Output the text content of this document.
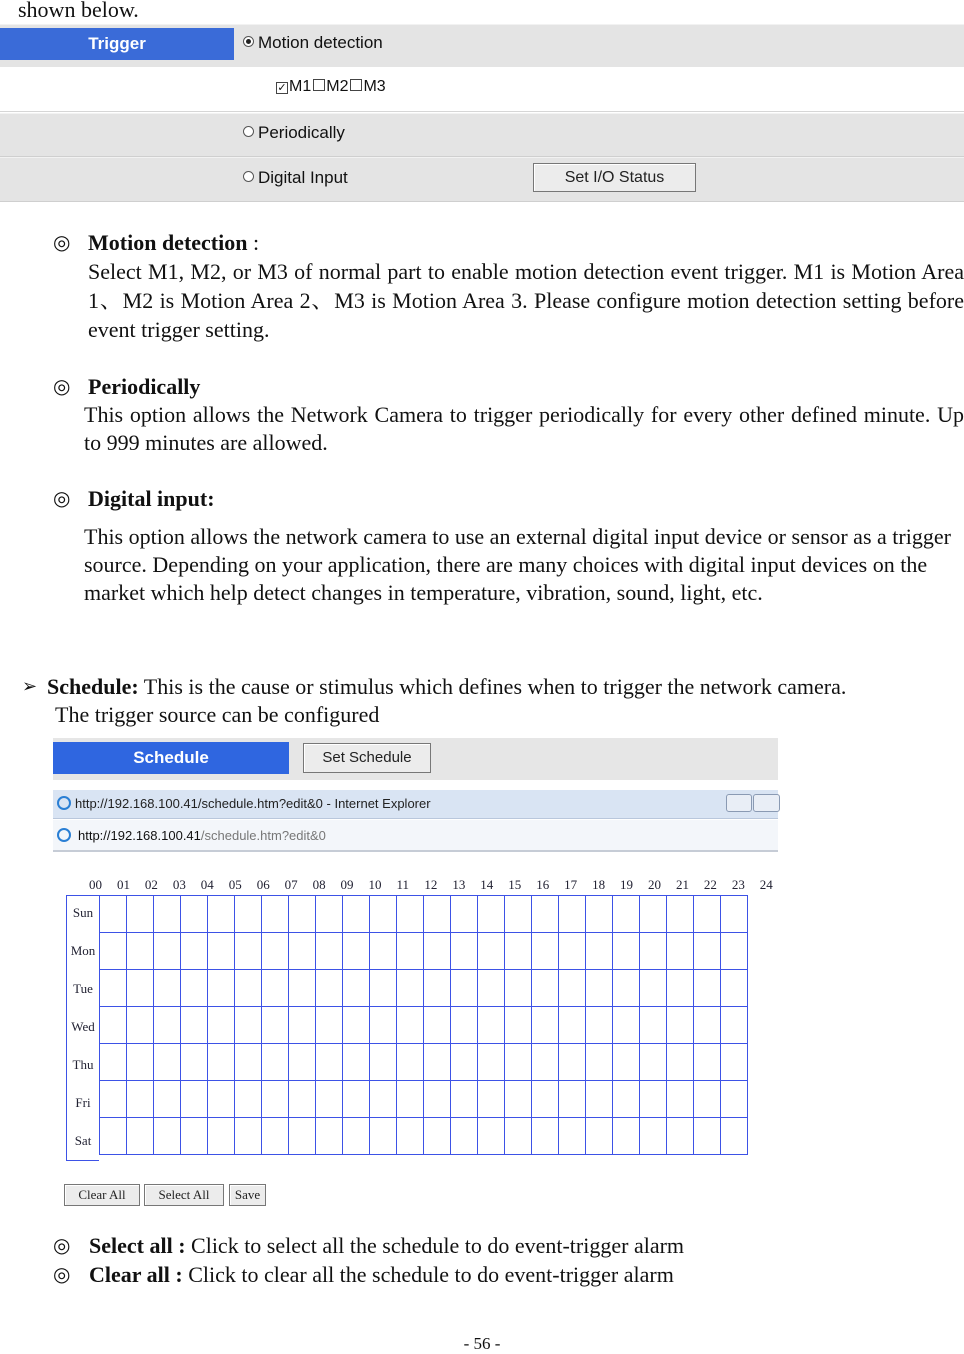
shown below.
Trigger	Motion detection
✓ M1 M2 M3
Periodically
Digital Input	Set I/O Status
◎ Motion detection :
Select M1, M2, or M3 of normal part to enable motion detection event trigger. M1 is Motion Area 1、M2 is Motion Area 2、M3 is Motion Area 3. Please configure motion detection setting before event trigger setting.
◎ Periodically
This option allows the Network Camera to trigger periodically for every other defined minute. Up to 999 minutes are allowed.
◎ Digital input:
This option allows the network camera to use an external digital input device or sensor as a trigger source. Depending on your application, there are many choices with digital input devices on the market which help detect changes in temperature, vibration, sound, light, etc.
➢ Schedule: This is the cause or stimulus which defines when to trigger the network camera.
The trigger source can be configured
Schedule	Set Schedule
http://192.168.100.41/schedule.htm?edit&0 - Internet Explorer
http://192.168.100.41/schedule.htm?edit&0
00 01 02 03 04 05 06 07 08 09 10 11 12 13 14 15 16 17 18 19 20 21 22 23 24
Sun
Mon
Tue
Wed
Thu
Fri
Sat

Clear All	Select All	Save
◎ Select all : Click to select all the schedule to do event-trigger alarm
◎ Clear all : Click to clear all the schedule to do event-trigger alarm
- 56 -
